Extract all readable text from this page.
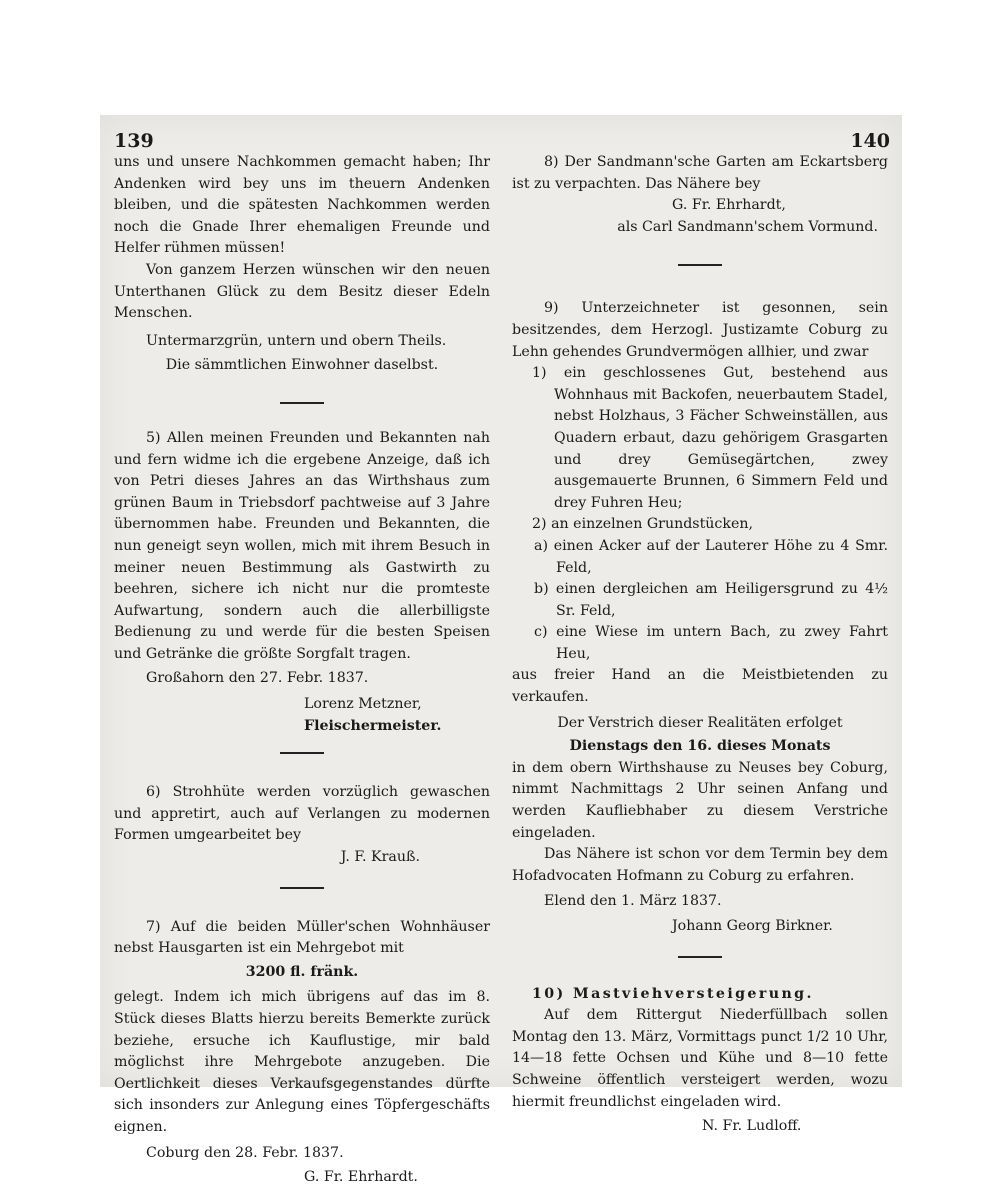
139	140

uns und unsere Nachkommen gemacht haben; Ihr Andenken wird bey uns im theuern Andenken bleiben, und die spätesten Nachkommen werden noch die Gnade Ihrer ehemaligen Freunde und Helfer rühmen müssen!

Von ganzem Herzen wünschen wir den neuen Unterthanen Glück zu dem Besitz dieser Edeln Menschen.

Untermarzgrün, untern und obern Theils.

Die sämmtlichen Einwohner daselbst.

5) Allen meinen Freunden und Bekannten nah und fern widme ich die ergebene Anzeige, daß ich von Petri dieses Jahres an das Wirthshaus zum grünen Baum in Triebsdorf pachtweise auf 3 Jahre übernommen habe. Freunden und Bekannten, die nun geneigt seyn wollen, mich mit ihrem Besuch in meiner neuen Bestimmung als Gastwirth zu beehren, sichere ich nicht nur die promteste Aufwartung, sondern auch die allerbilligste Bedienung zu und werde für die besten Speisen und Getränke die größte Sorgfalt tragen.

Großahorn den 27. Febr. 1837.

Lorenz Metzner,

Fleischermeister.

6) Strohhüte werden vorzüglich gewaschen und appretirt, auch auf Verlangen zu modernen Formen umgearbeitet bey

J. F. Krauß.

7) Auf die beiden Müller'schen Wohnhäuser nebst Hausgarten ist ein Mehrgebot mit

3200 fl. fränk.

gelegt. Indem ich mich übrigens auf das im 8. Stück dieses Blatts hierzu bereits Bemerkte zurück beziehe, ersuche ich Kauflustige, mir bald möglichst ihre Mehrgebote anzugeben. Die Oertlichkeit dieses Verkaufsgegenstandes dürfte sich insonders zur Anlegung eines Töpfergeschäfts eignen.

Coburg den 28. Febr. 1837.

G. Fr. Ehrhardt.

8) Der Sandmann'sche Garten am Eckartsberg ist zu verpachten. Das Nähere bey

G. Fr. Ehrhardt,

als Carl Sandmann'schem Vormund.

9) Unterzeichneter ist gesonnen, sein besitzendes, dem Herzogl. Justizamte Coburg zu Lehn gehendes Grundvermögen allhier, und zwar

1) ein geschlossenes Gut, bestehend aus Wohnhaus mit Backofen, neuerbautem Stadel, nebst Holzhaus, 3 Fächer Schweinställen, aus Quadern erbaut, dazu gehörigem Grasgarten und drey Gemüsegärtchen, zwey ausgemauerte Brunnen, 6 Simmern Feld und drey Fuhren Heu;

2) an einzelnen Grundstücken,

a) einen Acker auf der Lauterer Höhe zu 4 Smr. Feld,

b) einen dergleichen am Heiligersgrund zu 4½ Sr. Feld,

c) eine Wiese im untern Bach, zu zwey Fahrt Heu,

aus freier Hand an die Meistbietenden zu verkaufen.

Der Verstrich dieser Realitäten erfolget

Dienstags den 16. dieses Monats

in dem obern Wirthshause zu Neuses bey Coburg, nimmt Nachmittags 2 Uhr seinen Anfang und werden Kaufliebhaber zu diesem Verstriche eingeladen.

Das Nähere ist schon vor dem Termin bey dem Hofadvocaten Hofmann zu Coburg zu erfahren.

Elend den 1. März 1837.

Johann Georg Birkner.

10) Mastviehversteigerung.

Auf dem Rittergut Niederfüllbach sollen Montag den 13. März, Vormittags punct 1/2 10 Uhr, 14—18 fette Ochsen und Kühe und 8—10 fette Schweine öffentlich versteigert werden, wozu hiermit freundlichst eingeladen wird.

N. Fr. Ludloff.
